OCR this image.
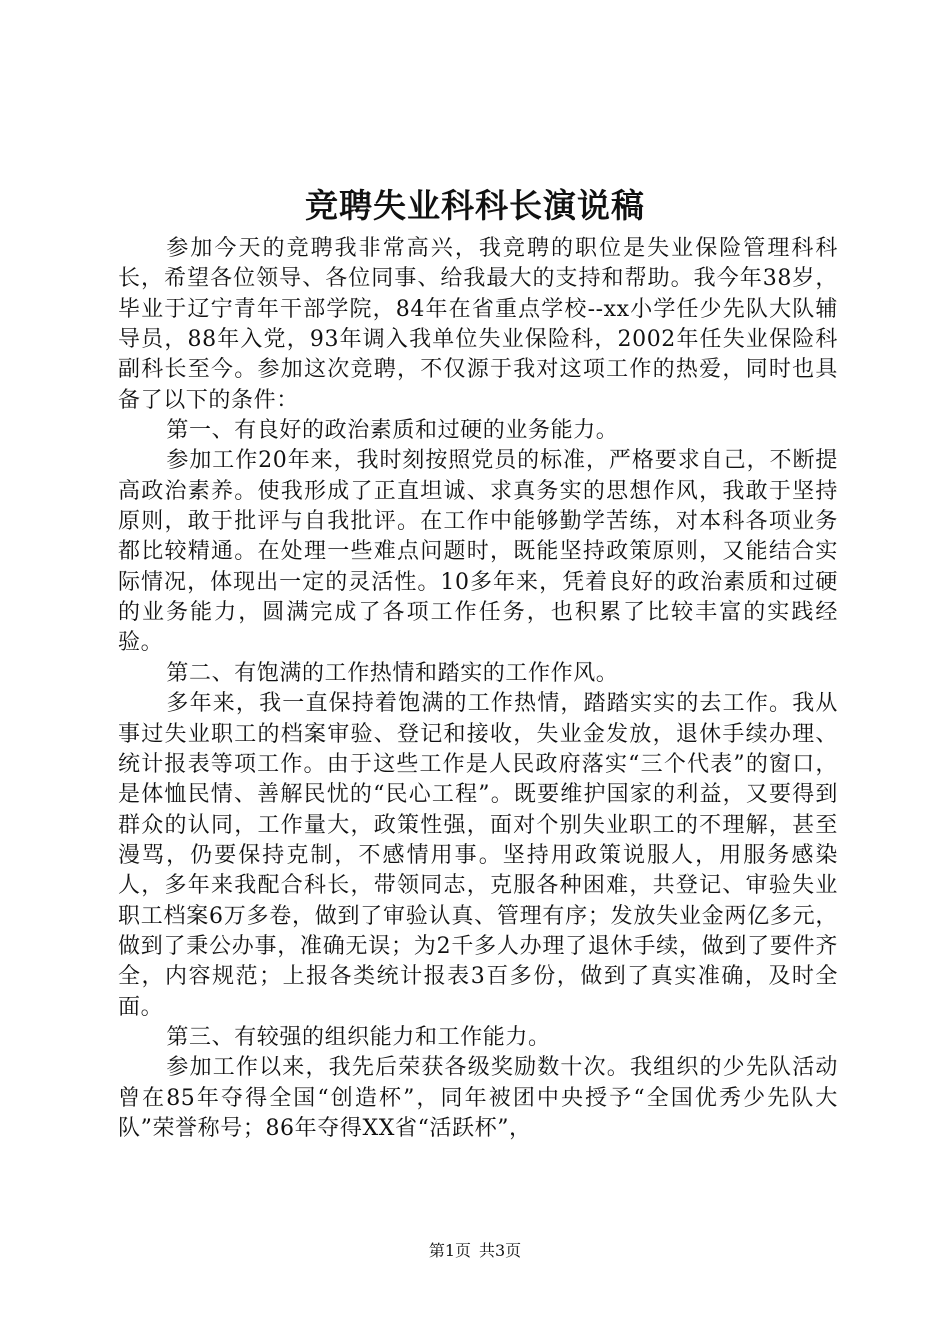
竞聘失业科科长演说稿

参加今天的竞聘我非常高兴，我竞聘的职位是失业保险管理科科长，希望各位领导、各位同事、给我最大的支持和帮助。我今年38岁，毕业于辽宁青年干部学院，84年在省重点学校--xx小学任少先队大队辅导员，88年入党，93年调入我单位失业保险科，2002年任失业保险科副科长至今。参加这次竞聘，不仅源于我对这项工作的热爱，同时也具备了以下的条件：

第一、有良好的政治素质和过硬的业务能力。

参加工作20年来，我时刻按照党员的标准，严格要求自己，不断提高政治素养。使我形成了正直坦诚、求真务实的思想作风，我敢于坚持原则，敢于批评与自我批评。在工作中能够勤学苦练，对本科各项业务都比较精通。在处理一些难点问题时，既能坚持政策原则，又能结合实际情况，体现出一定的灵活性。10多年来，凭着良好的政治素质和过硬的业务能力，圆满完成了各项工作任务，也积累了比较丰富的实践经验。

第二、有饱满的工作热情和踏实的工作作风。

多年来，我一直保持着饱满的工作热情，踏踏实实的去工作。我从事过失业职工的档案审验、登记和接收，失业金发放，退休手续办理、统计报表等项工作。由于这些工作是人民政府落实“三个代表”的窗口，是体恤民情、善解民忧的“民心工程”。既要维护国家的利益，又要得到群众的认同，工作量大，政策性强，面对个别失业职工的不理解，甚至漫骂，仍要保持克制，不感情用事。坚持用政策说服人，用服务感染人，多年来我配合科长，带领同志，克服各种困难，共登记、审验失业职工档案6万多卷，做到了审验认真、管理有序；发放失业金两亿多元，做到了秉公办事，准确无误；为2千多人办理了退休手续，做到了要件齐全，内容规范；上报各类统计报表3百多份，做到了真实准确，及时全面。

第三、有较强的组织能力和工作能力。

参加工作以来，我先后荣获各级奖励数十次。我组织的少先队活动曾在85年夺得全国“创造杯”，同年被团中央授予“全国优秀少先队大队”荣誉称号；86年夺得XX省“活跃杯”，

第1页 共3页
